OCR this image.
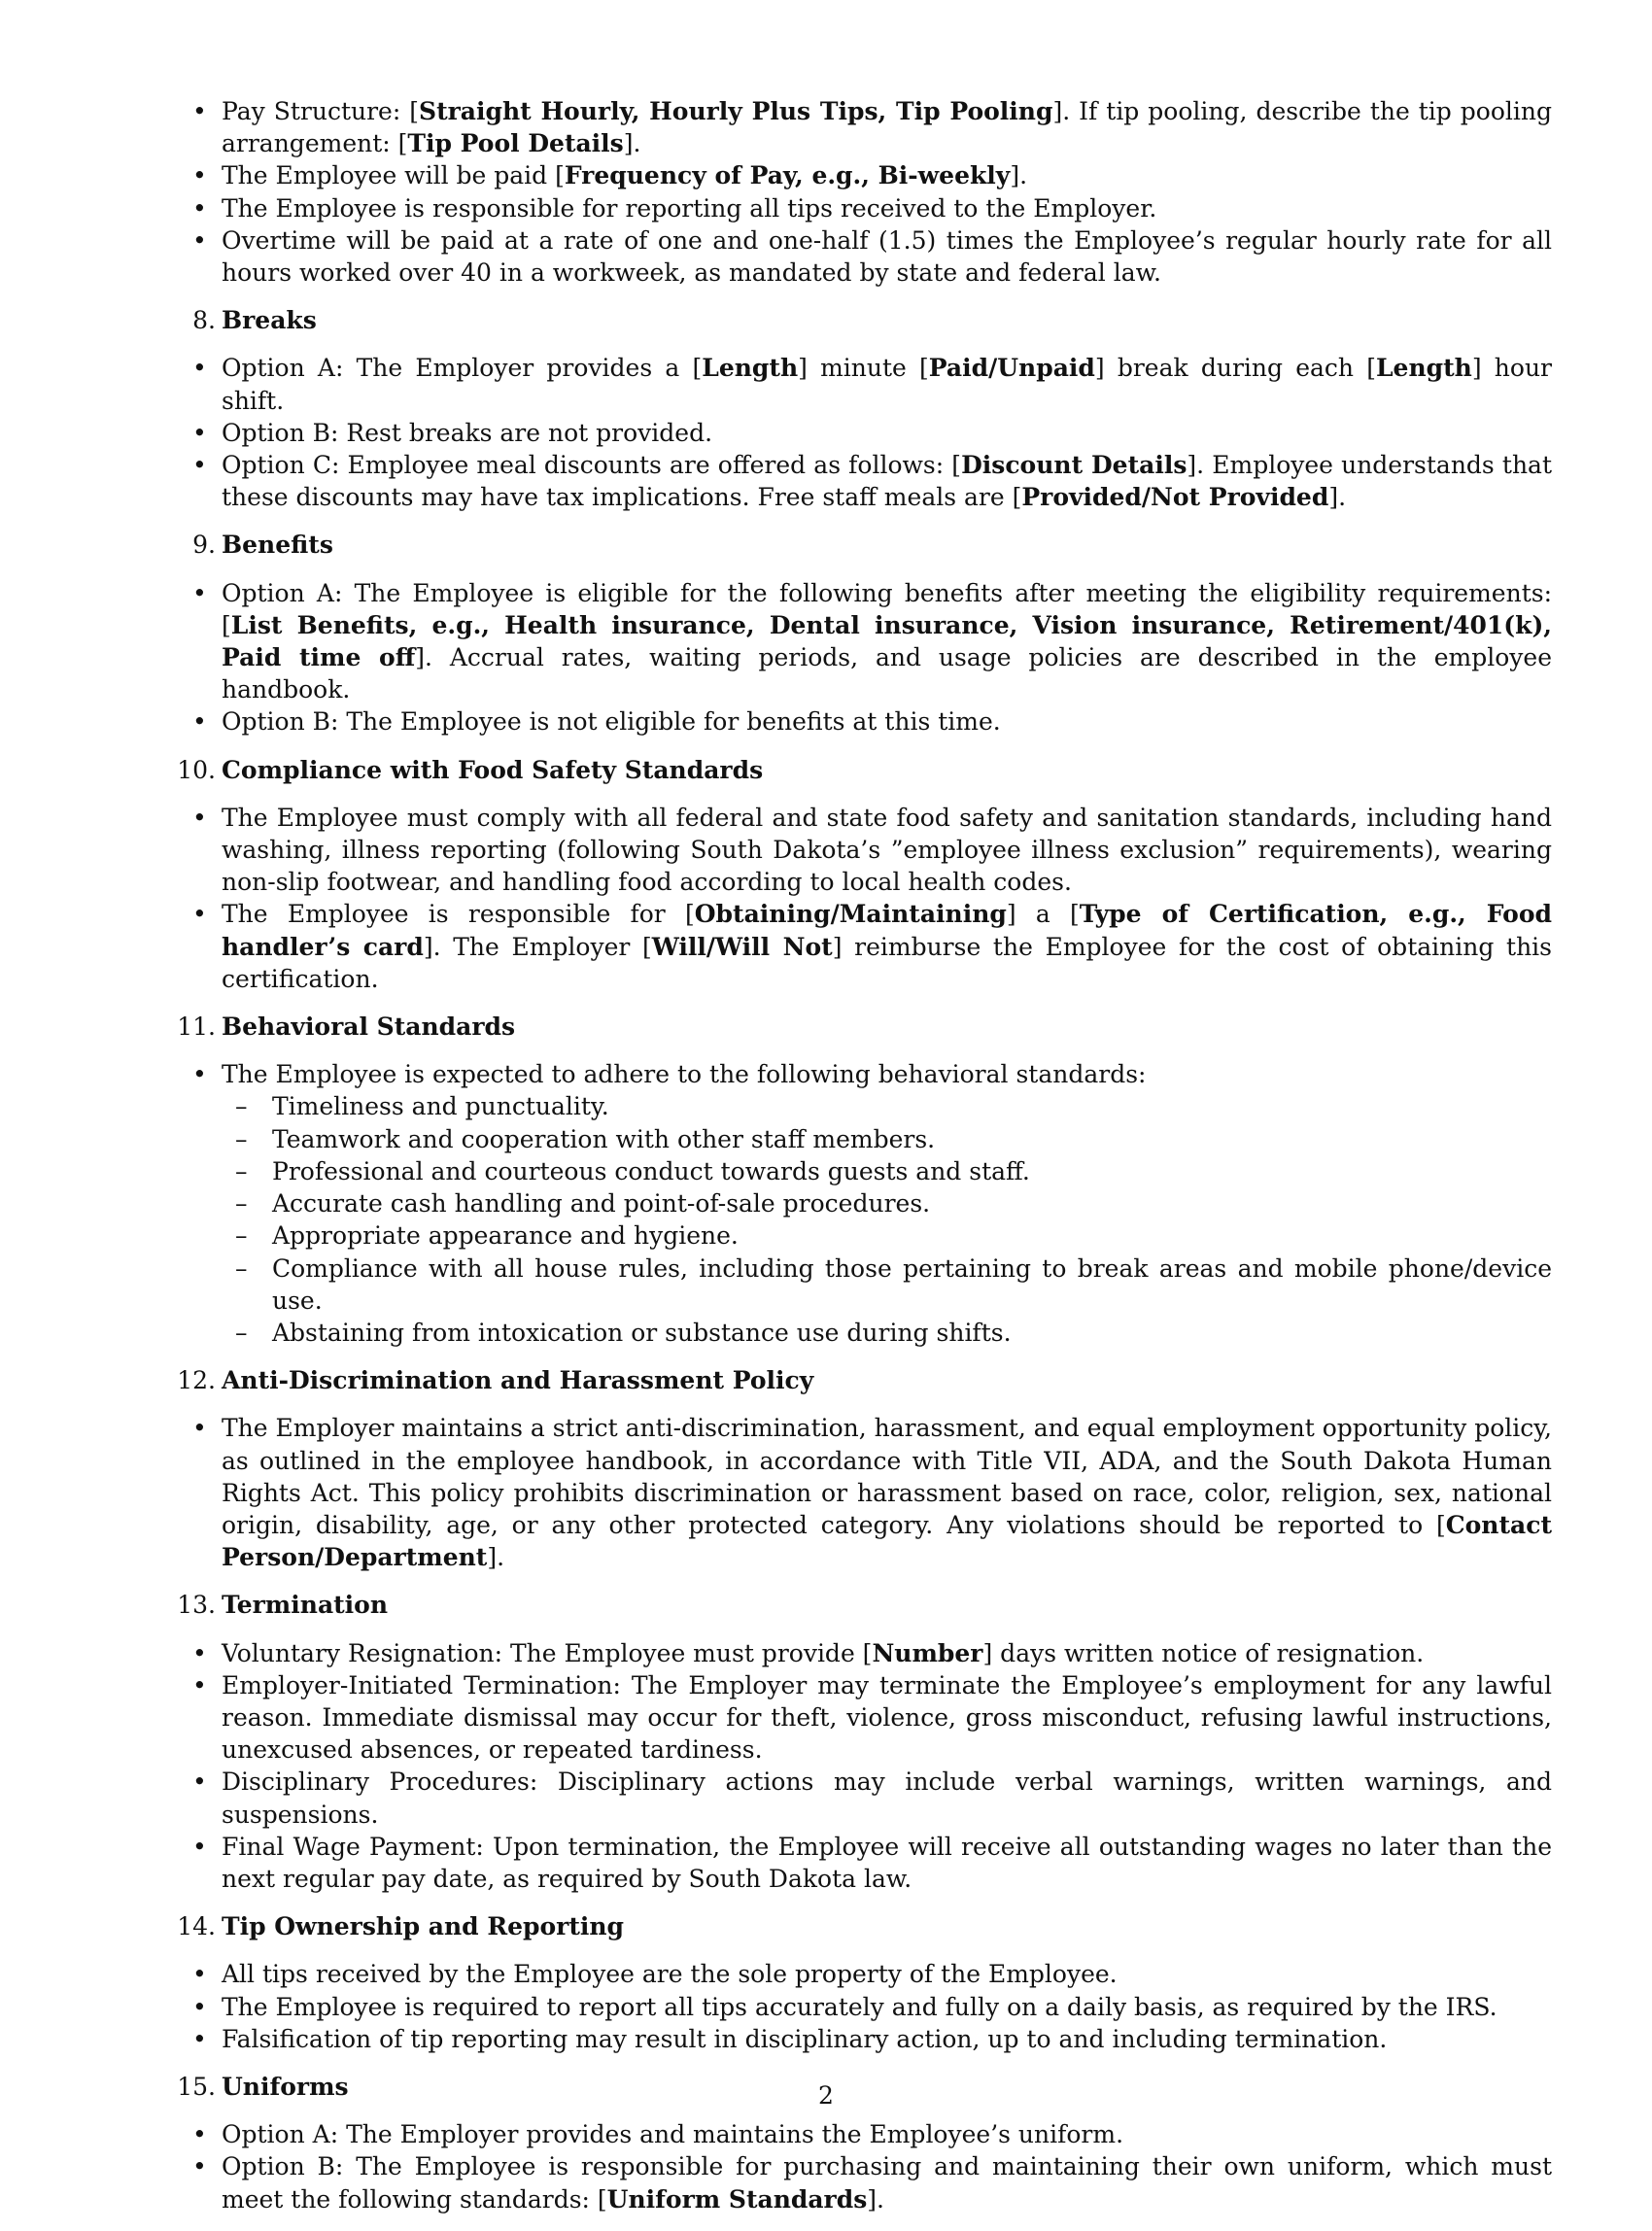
• Pay Structure: [Straight Hourly, Hourly Plus Tips, Tip Pooling]. If tip pooling, describe the tip pooling arrangement: [Tip Pool Details].
• The Employee will be paid [Frequency of Pay, e.g., Bi-weekly].
• The Employee is responsible for reporting all tips received to the Employer.
• Overtime will be paid at a rate of one and one-half (1.5) times the Employee’s regular hourly rate for all hours worked over 40 in a workweek, as mandated by state and federal law.
8. Breaks
• Option A: The Employer provides a [Length] minute [Paid/Unpaid] break during each [Length] hour shift.
• Option B: Rest breaks are not provided.
• Option C: Employee meal discounts are offered as follows: [Discount Details]. Employee understands that these discounts may have tax implications. Free staff meals are [Provided/Not Provided].
9. Benefits
• Option A: The Employee is eligible for the following benefits after meeting the eligibility requirements: [List Benefits, e.g., Health insurance, Dental insurance, Vision insurance, Retirement/401(k), Paid time off]. Accrual rates, waiting periods, and usage policies are described in the employee handbook.
• Option B: The Employee is not eligible for benefits at this time.
10. Compliance with Food Safety Standards
• The Employee must comply with all federal and state food safety and sanitation standards, including hand washing, illness reporting (following South Dakota’s ”employee illness exclusion” requirements), wearing non-slip footwear, and handling food according to local health codes.
• The Employee is responsible for [Obtaining/Maintaining] a [Type of Certification, e.g., Food handler’s card]. The Employer [Will/Will Not] reimburse the Employee for the cost of obtaining this certification.
11. Behavioral Standards
• The Employee is expected to adhere to the following behavioral standards:
– Timeliness and punctuality.
– Teamwork and cooperation with other staff members.
– Professional and courteous conduct towards guests and staff.
– Accurate cash handling and point-of-sale procedures.
– Appropriate appearance and hygiene.
– Compliance with all house rules, including those pertaining to break areas and mobile phone/device use.
– Abstaining from intoxication or substance use during shifts.
12. Anti-Discrimination and Harassment Policy
• The Employer maintains a strict anti-discrimination, harassment, and equal employment opportunity policy, as outlined in the employee handbook, in accordance with Title VII, ADA, and the South Dakota Human Rights Act. This policy prohibits discrimination or harassment based on race, color, religion, sex, national origin, disability, age, or any other protected category. Any violations should be reported to [Contact Person/Department].
13. Termination
• Voluntary Resignation: The Employee must provide [Number] days written notice of resignation.
• Employer-Initiated Termination: The Employer may terminate the Employee’s employment for any lawful reason. Immediate dismissal may occur for theft, violence, gross misconduct, refusing lawful instructions, unexcused absences, or repeated tardiness.
• Disciplinary Procedures: Disciplinary actions may include verbal warnings, written warnings, and suspensions.
• Final Wage Payment: Upon termination, the Employee will receive all outstanding wages no later than the next regular pay date, as required by South Dakota law.
14. Tip Ownership and Reporting
• All tips received by the Employee are the sole property of the Employee.
• The Employee is required to report all tips accurately and fully on a daily basis, as required by the IRS.
• Falsification of tip reporting may result in disciplinary action, up to and including termination.
15. Uniforms
• Option A: The Employer provides and maintains the Employee’s uniform.
• Option B: The Employee is responsible for purchasing and maintaining their own uniform, which must meet the following standards: [Uniform Standards].
2
